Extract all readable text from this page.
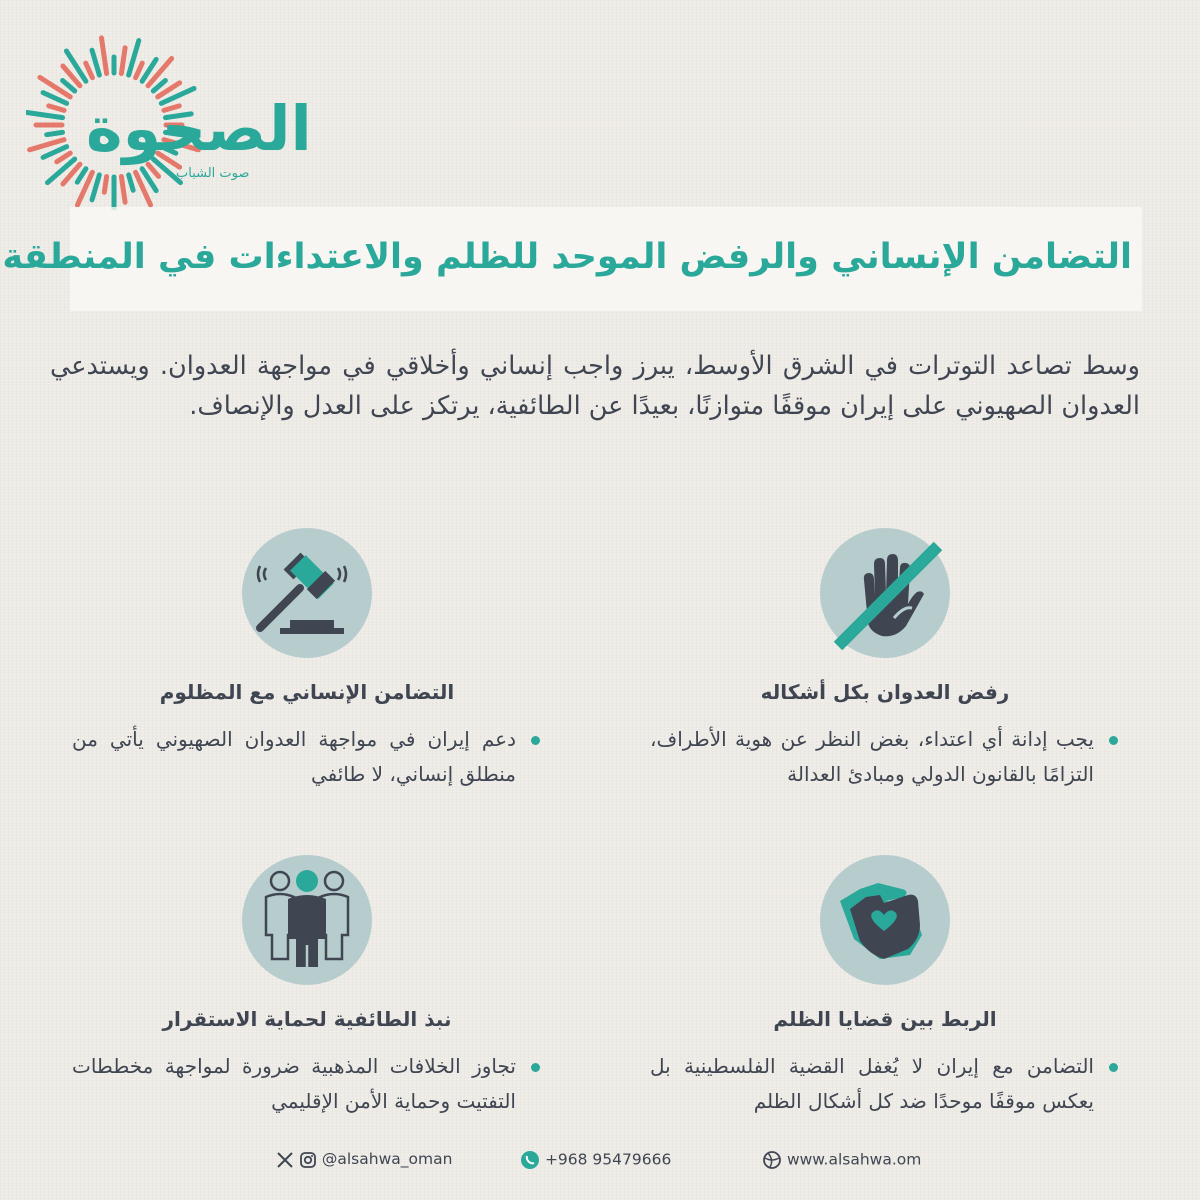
الصحوة
صوت الشباب
التضامن الإنساني والرفض الموحد للظلم والاعتداءات في المنطقة
وسط تصاعد التوترات في الشرق الأوسط، يبرز واجب إنساني وأخلاقي في مواجهة العدوان. ويستدعي العدوان الصهيوني على إيران موقفًا متوازنًا، بعيدًا عن الطائفية، يرتكز على العدل والإنصاف.
رفض العدوان بكل أشكاله
يجب إدانة أي اعتداء، بغض النظر عن هوية الأطراف، التزامًا بالقانون الدولي ومبادئ العدالة
التضامن الإنساني مع المظلوم
دعم إيران في مواجهة العدوان الصهيوني يأتي من منطلق إنساني، لا طائفي
الربط بين قضايا الظلم
التضامن مع إيران لا يُغفل القضية الفلسطينية بل يعكس موقفًا موحدًا ضد كل أشكال الظلم
نبذ الطائفية لحماية الاستقرار
تجاوز الخلافات المذهبية ضرورة لمواجهة مخططات التفتيت وحماية الأمن الإقليمي
@alsahwa_oman	+968 95479666	www.alsahwa.om
